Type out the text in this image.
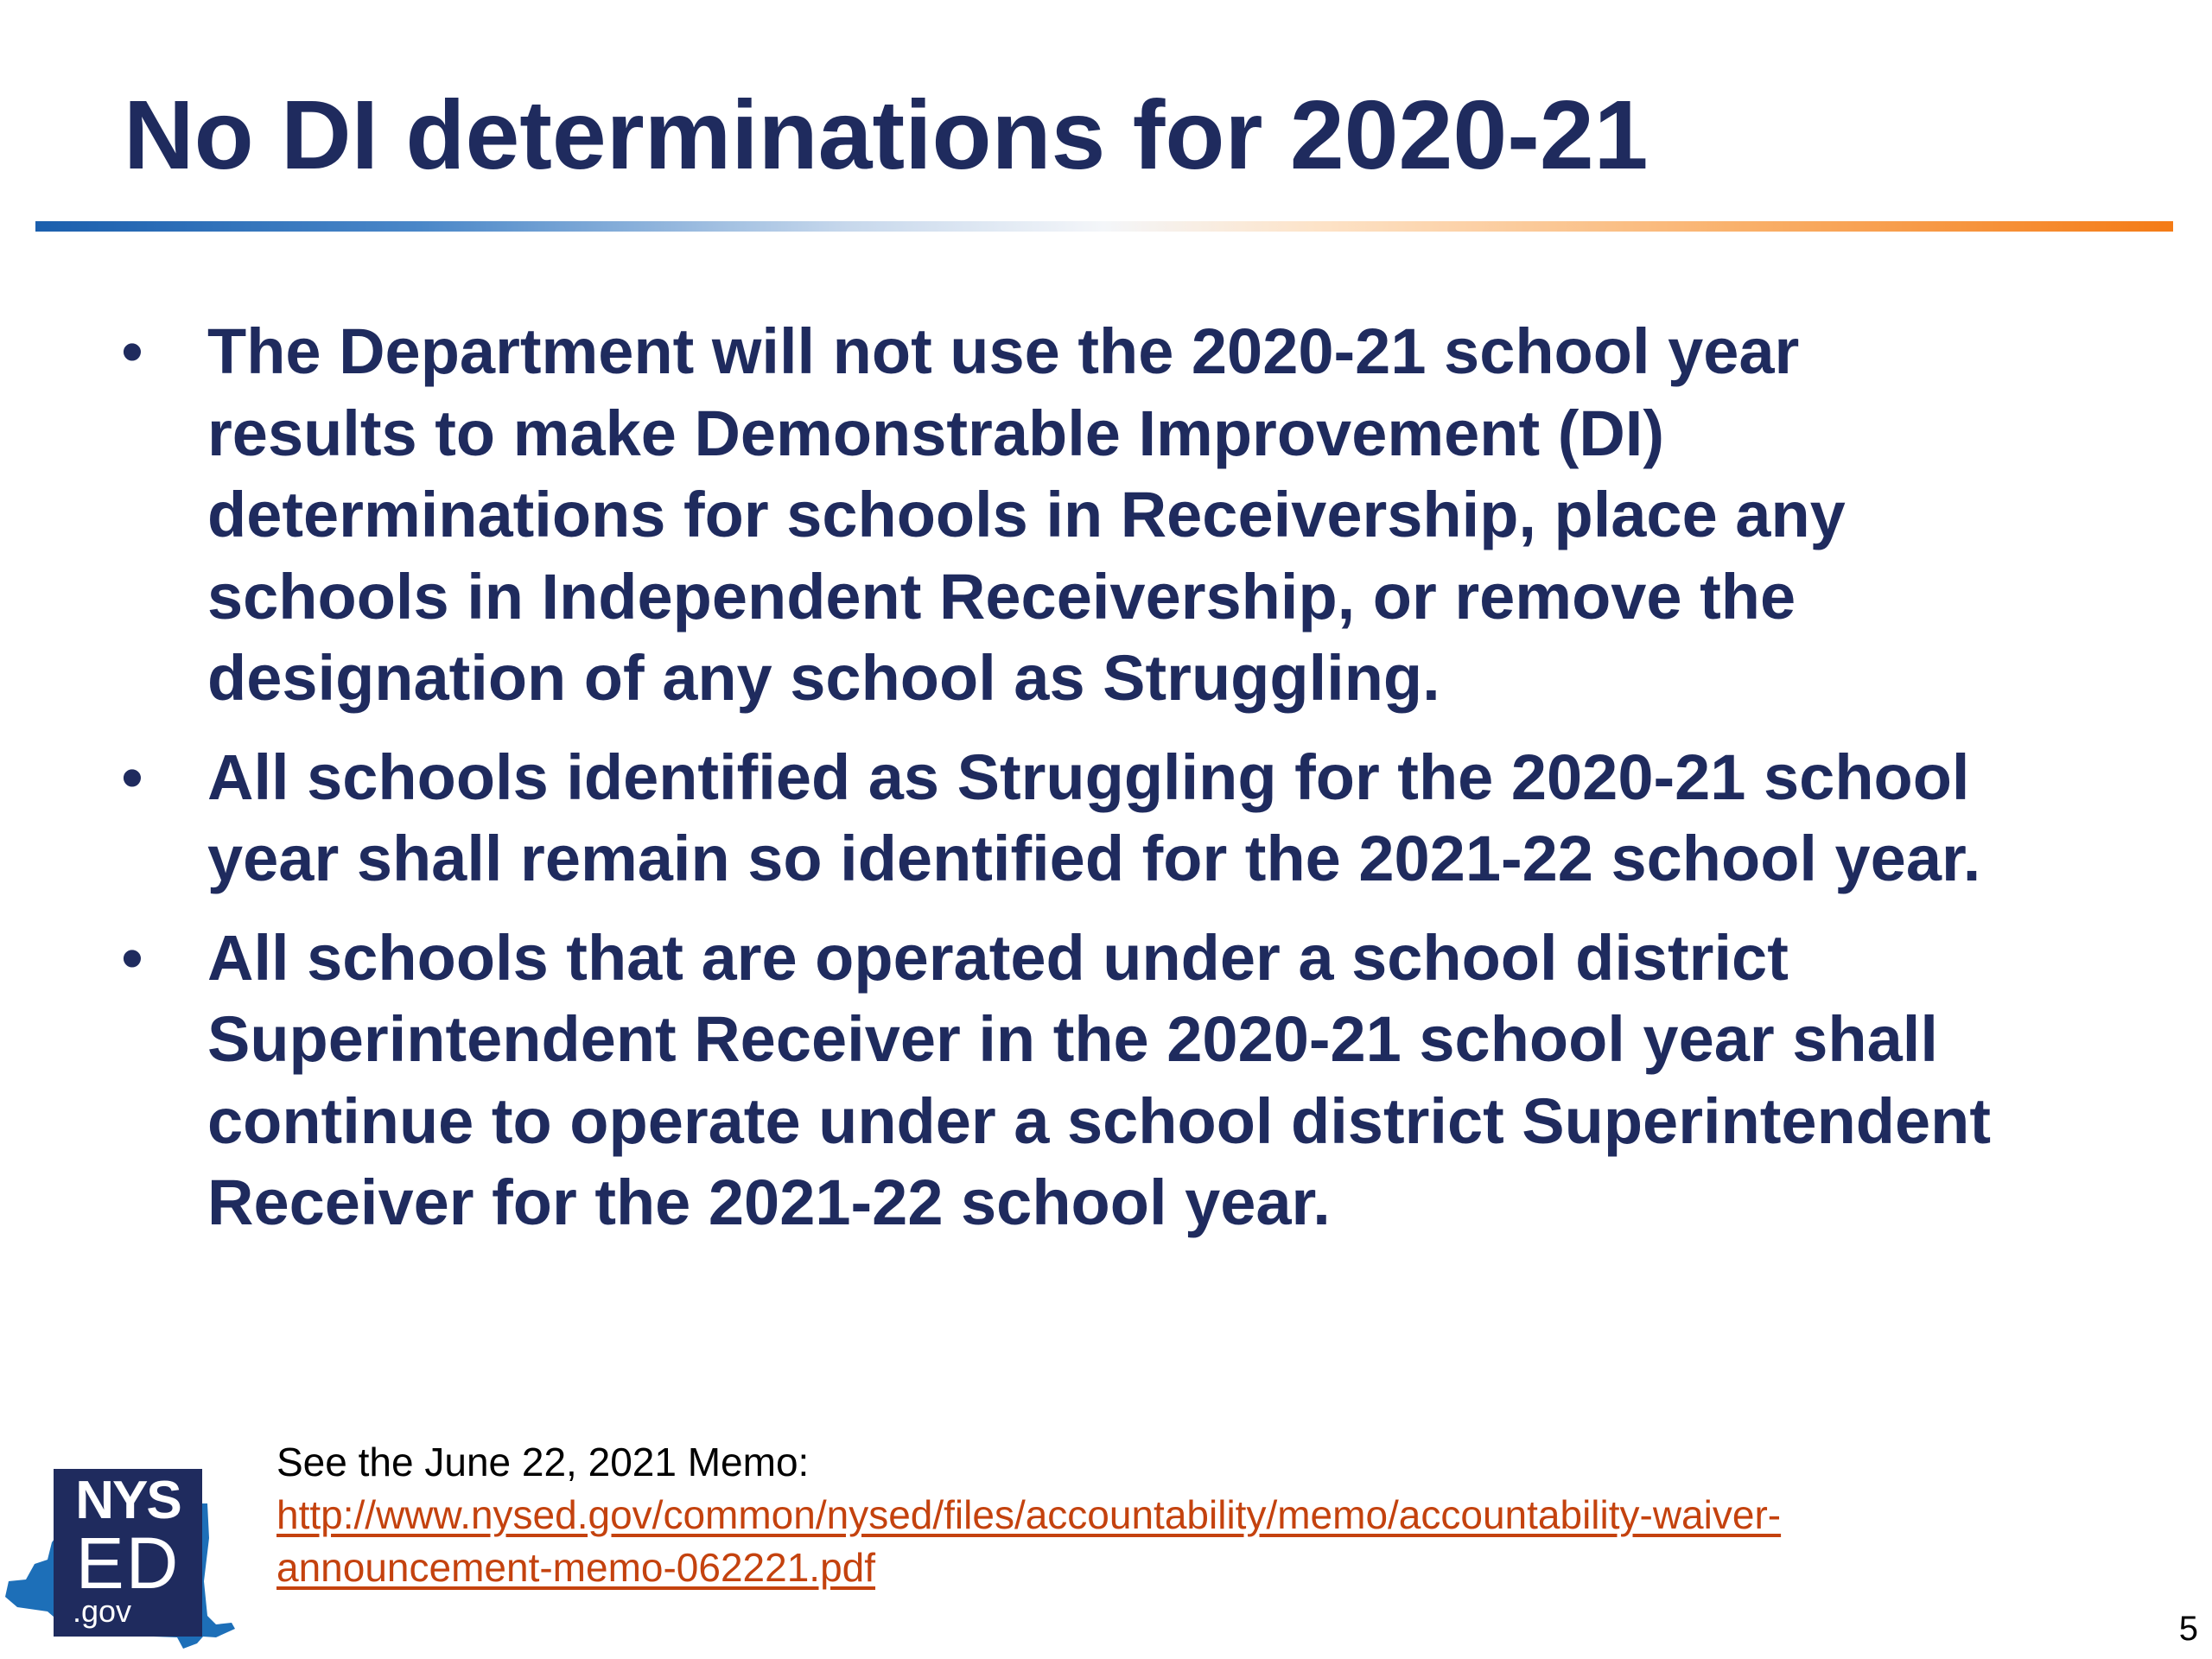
No DI determinations for 2020-21
• The Department will not use the 2020-21 school year results to make Demonstrable Improvement (DI) determinations for schools in Receivership, place any schools in Independent Receivership, or remove the designation of any school as Struggling.
• All schools identified as Struggling for the 2020-21 school year shall remain so identified for the 2021-22 school year.
• All schools that are operated under a school district Superintendent Receiver in the 2020-21 school year shall continue to operate under a school district Superintendent Receiver for the 2021-22 school year.
NYS
ED
.gov
See the June 22, 2021 Memo:
http://www.nysed.gov/common/nysed/files/accountability/memo/accountability-waiver-
announcement-memo-062221.pdf
5
